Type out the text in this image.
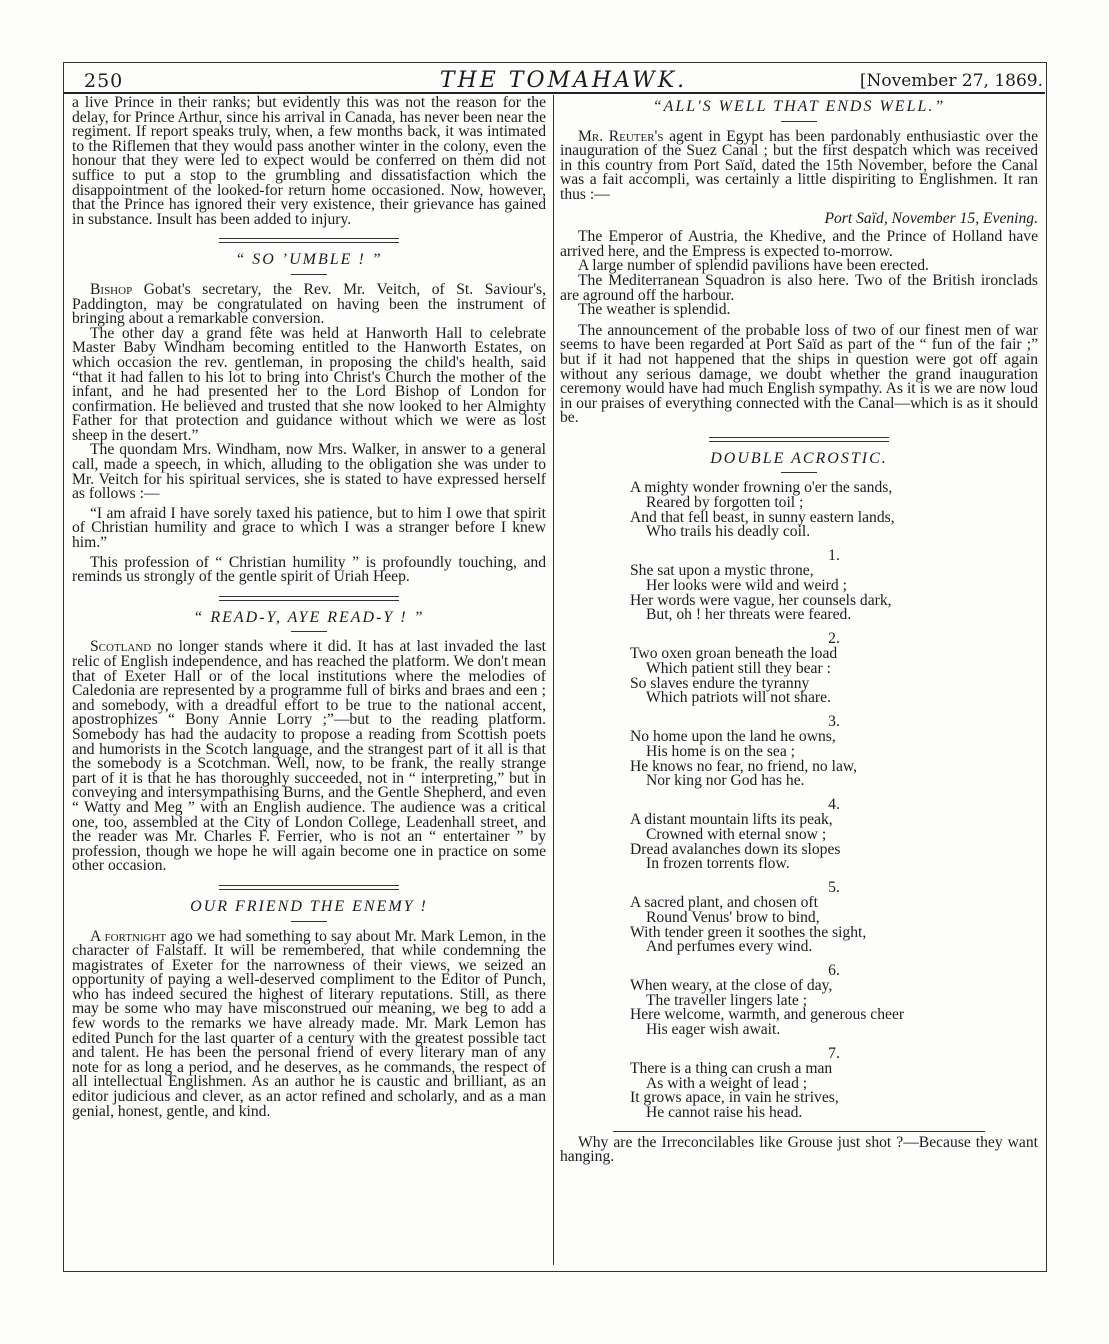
250	THE TOMAHAWK.	[November 27, 1869.

a live Prince in their ranks; but evidently this was not the reason for the delay, for Prince Arthur, since his arrival in Canada, has never been near the regiment. If report speaks truly, when, a few months back, it was intimated to the Riflemen that they would pass another winter in the colony, even the honour that they were led to expect would be conferred on them did not suffice to put a stop to the grumbling and dissatisfaction which the disappointment of the looked-for return home occasioned. Now, however, that the Prince has ignored their very existence, their grievance has gained in substance. Insult has been added to injury.

“ SO ’UMBLE ! ”

Bishop Gobat's secretary, the Rev. Mr. Veitch, of St. Saviour's, Paddington, may be congratulated on having been the instrument of bringing about a remarkable conversion.

The other day a grand fête was held at Hanworth Hall to celebrate Master Baby Windham becoming entitled to the Hanworth Estates, on which occasion the rev. gentleman, in proposing the child's health, said “that it had fallen to his lot to bring into Christ's Church the mother of the infant, and he had presented her to the Lord Bishop of London for confirmation. He believed and trusted that she now looked to her Almighty Father for that protection and guidance without which we were as lost sheep in the desert.”

The quondam Mrs. Windham, now Mrs. Walker, in answer to a general call, made a speech, in which, alluding to the obligation she was under to Mr. Veitch for his spiritual services, she is stated to have expressed herself as follows :—

“I am afraid I have sorely taxed his patience, but to him I owe that spirit of Christian humility and grace to which I was a stranger before I knew him.”

This profession of “ Christian humility ” is profoundly touching, and reminds us strongly of the gentle spirit of Uriah Heep.

“ READ-Y, AYE READ-Y ! ”

Scotland no longer stands where it did. It has at last invaded the last relic of English independence, and has reached the platform. We don't mean that of Exeter Hall or of the local institutions where the melodies of Caledonia are represented by a programme full of birks and braes and een ; and somebody, with a dreadful effort to be true to the national accent, apostrophizes “ Bony Annie Lorry ;”—but to the reading platform. Somebody has had the audacity to propose a reading from Scottish poets and humorists in the Scotch language, and the strangest part of it all is that the somebody is a Scotchman. Well, now, to be frank, the really strange part of it is that he has thoroughly succeeded, not in “ interpreting,” but in conveying and intersympathising Burns, and the Gentle Shepherd, and even “ Watty and Meg ” with an English audience. The audience was a critical one, too, assembled at the City of London College, Leadenhall street, and the reader was Mr. Charles F. Ferrier, who is not an “ entertainer ” by profession, though we hope he will again become one in practice on some other occasion.

OUR FRIEND THE ENEMY !

A fortnight ago we had something to say about Mr. Mark Lemon, in the character of Falstaff. It will be remembered, that while condemning the magistrates of Exeter for the narrowness of their views, we seized an opportunity of paying a well-deserved compliment to the Editor of Punch, who has indeed secured the highest of literary reputations. Still, as there may be some who may have misconstrued our meaning, we beg to add a few words to the remarks we have already made. Mr. Mark Lemon has edited Punch for the last quarter of a century with the greatest possible tact and talent. He has been the personal friend of every literary man of any note for as long a period, and he deserves, as he commands, the respect of all intellectual Englishmen. As an author he is caustic and brilliant, as an editor judicious and clever, as an actor refined and scholarly, and as a man genial, honest, gentle, and kind.

“ALL'S WELL THAT ENDS WELL.”

Mr. Reuter's agent in Egypt has been pardonably enthusiastic over the inauguration of the Suez Canal ; but the first despatch which was received in this country from Port Saïd, dated the 15th November, before the Canal was a fait accompli, was certainly a little dispiriting to Englishmen. It ran thus :—

Port Saïd, November 15, Evening.

The Emperor of Austria, the Khedive, and the Prince of Holland have arrived here, and the Empress is expected to-morrow.

A large number of splendid pavilions have been erected.

The Mediterranean Squadron is also here. Two of the British ironclads are aground off the harbour.

The weather is splendid.

The announcement of the probable loss of two of our finest men of war seems to have been regarded at Port Saïd as part of the “ fun of the fair ;” but if it had not happened that the ships in question were got off again without any serious damage, we doubt whether the grand inauguration ceremony would have had much English sympathy. As it is we are now loud in our praises of everything connected with the Canal—which is as it should be.

DOUBLE ACROSTIC.
A mighty wonder frowning o'er the sands,
Reared by forgotten toil ;
And that fell beast, in sunny eastern lands,
Who trails his deadly coil.
1.
She sat upon a mystic throne,
Her looks were wild and weird ;
Her words were vague, her counsels dark,
But, oh ! her threats were feared.
2.
Two oxen groan beneath the load
Which patient still they bear :
So slaves endure the tyranny
Which patriots will not share.
3.
No home upon the land he owns,
His home is on the sea ;
He knows no fear, no friend, no law,
Nor king nor God has he.
4.
A distant mountain lifts its peak,
Crowned with eternal snow ;
Dread avalanches down its slopes
In frozen torrents flow.
5.
A sacred plant, and chosen oft
Round Venus' brow to bind,
With tender green it soothes the sight,
And perfumes every wind.
6.
When weary, at the close of day,
The traveller lingers late ;
Here welcome, warmth, and generous cheer
His eager wish await.
7.
There is a thing can crush a man
As with a weight of lead ;
It grows apace, in vain he strives,
He cannot raise his head.

Why are the Irreconcilables like Grouse just shot ?—Because they want hanging.
